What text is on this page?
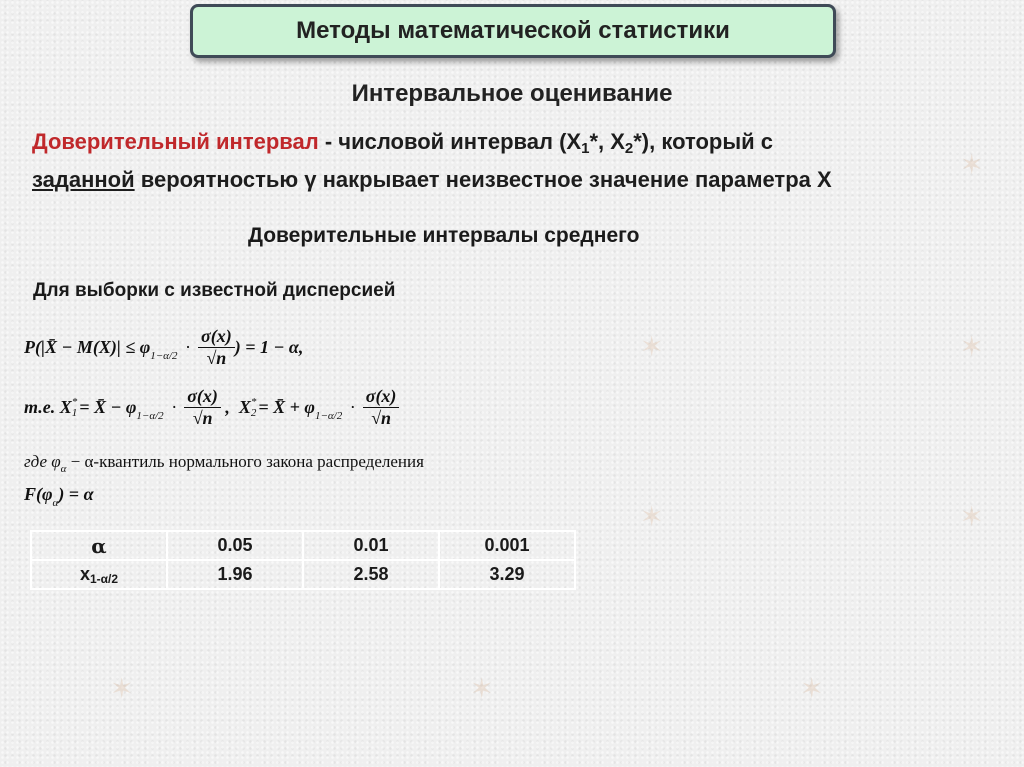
✶
✶	✶
✶	✶
✶	✶	✶
Методы математической статистики
Интервальное оценивание
Доверительный интервал - числовой интервал ($X_1*$, $X_2*$), который с
заданной вероятностью γ накрывает неизвестное значение параметра X
Доверительные интервалы среднего
Для выборки с известной дисперсией
P(|X̄ − M(X)| ≤ φ $1-\alpha/2 \cdot \frac{\sigma(x)}{√n}$ ) = 1 − α,
т.е. X *
1 = X̄ − φ $1-\alpha/2 \cdot \frac{\sigma(x)}{√n}$ ,  X *
2 = X̄ + φ $1-\alpha/2 \cdot \frac{\sigma(x)}{√n}$
где $\varphi_\alpha$ − α-квантиль нормального закона распределения
$F(\varphi_\alpha) = \alpha$
α	0.05	0.01	0.001
x1-α/2	1.96	2.58	3.29
